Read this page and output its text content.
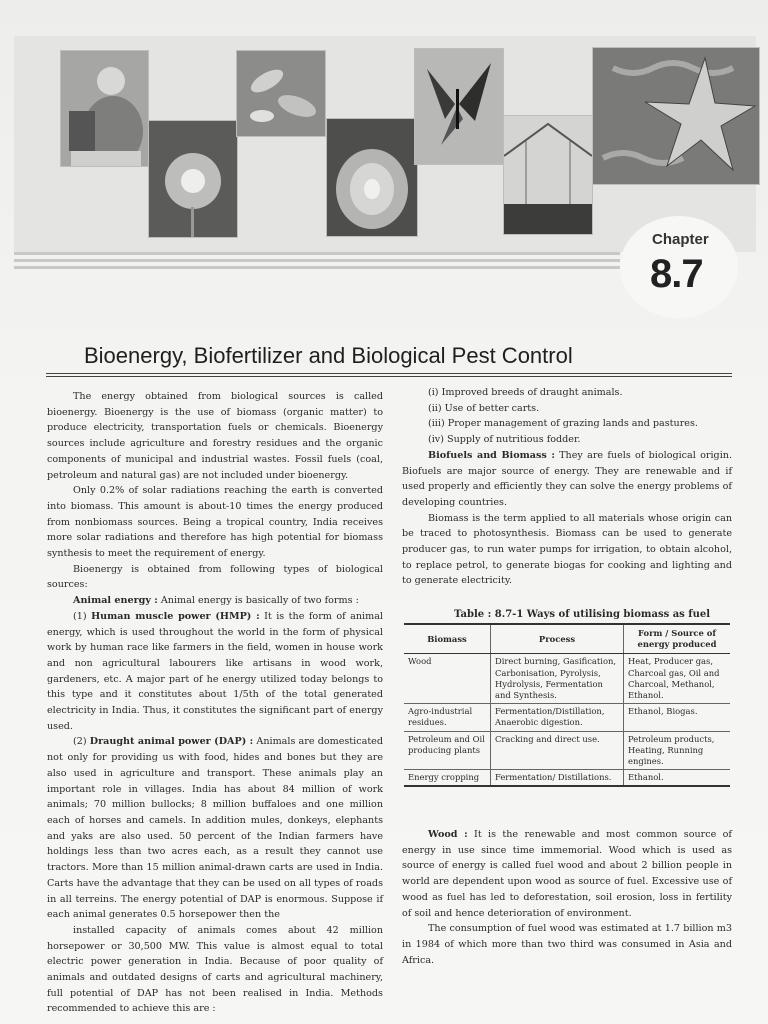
Chapter
8.7
Bioenergy, Biofertilizer and Biological Pest Control

The energy obtained from biological sources is called bioenergy. Bioenergy is the use of biomass (organic matter) to produce electricity, transportation fuels or chemicals. Bioenergy sources include agriculture and forestry residues and the organic components of municipal and industrial wastes. Fossil fuels (coal, petroleum and natural gas) are not included under bioenergy.

Only 0.2% of solar radiations reaching the earth is converted into biomass. This amount is about-10 times the energy produced from nonbiomass sources. Being a tropical country, India receives more solar radiations and therefore has high potential for biomass synthesis to meet the requirement of energy.

Bioenergy is obtained from following types of biological sources:

Animal energy : Animal energy is basically of two forms :

(1) Human muscle power (HMP) : It is the form of animal energy, which is used throughout the world in the form of physical work by human race like farmers in the field, women in house work and non agricultural labourers like artisans in wood work, gardeners, etc. A major part of he energy utilized today belongs to this type and it constitutes about 1/5th of the total generated electricity in India. Thus, it constitutes the significant part of energy used.

(2) Draught animal power (DAP) : Animals are domesticated not only for providing us with food, hides and bones but they are also used in agriculture and transport. These animals play an important role in villages. India has about 84 million of work animals; 70 million bullocks; 8 million buffaloes and one million each of horses and camels. In addition mules, donkeys, elephants and yaks are also used. 50 percent of the Indian farmers have holdings less than two acres each, as a result they cannot use tractors. More than 15 million animal-drawn carts are used in India. Carts have the advantage that they can be used on all types of roads in all terreins. The energy potential of DAP is enormous. Suppose if each animal generates 0.5 horsepower then the

installed capacity of animals comes about 42 million horsepower or 30,500 MW. This value is almost equal to total electric power generation in India. Because of poor quality of animals and outdated designs of carts and agricultural machinery, full potential of DAP has not been realised in India. Methods recommended to achieve this are :

(i) Improved breeds of draught animals.

(ii) Use of better carts.

(iii) Proper management of grazing lands and pastures.

(iv) Supply of nutritious fodder.

Biofuels and Biomass : They are fuels of biological origin. Biofuels are major source of energy. They are renewable and if used properly and efficiently they can solve the energy problems of developing countries.

Biomass is the term applied to all materials whose origin can be traced to photosynthesis. Biomass can be used to generate producer gas, to run water pumps for irrigation, to obtain alcohol, to replace petrol, to generate biogas for cooking and lighting and to generate electricity.

Table : 8.7-1 Ways of utilising biomass as fuel
Biomass	Process	Form / Source of energy produced
Wood	Direct burning, Gasification, Carbonisation, Pyrolysis, Hydrolysis, Fermentation and Synthesis.	Heat, Producer gas, Charcoal gas, Oil and Charcoal, Methanol, Ethanol.
Agro-industrial residues.	Fermentation/Distillation, Anaerobic digestion.	Ethanol, Biogas.
Petroleum and Oil producing plants	Cracking and direct use.	Petroleum products, Heating, Running engines.
Energy cropping	Fermentation/ Distillations.	Ethanol.

Wood : It is the renewable and most common source of energy in use since time immemorial. Wood which is used as source of energy is called fuel wood and about 2 billion people in world are dependent upon wood as source of fuel. Excessive use of wood as fuel has led to deforestation, soil erosion, loss in fertility of soil and hence deterioration of environment.

The consumption of fuel wood was estimated at 1.7 billion m3 in 1984 of which more than two third was consumed in Asia and Africa.
